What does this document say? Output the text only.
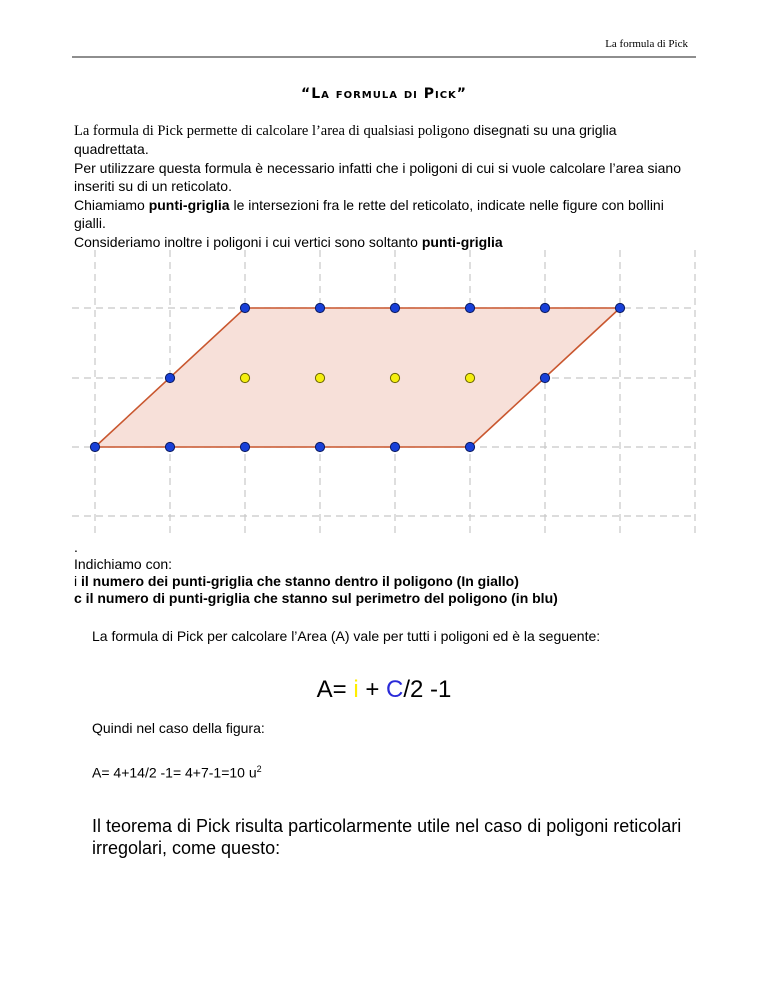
La formula di Pick
“La formula di Pick”

La formula di Pick permette di calcolare l’area di qualsiasi poligono disegnati su una griglia quadrettata.

Per utilizzare questa formula è necessario infatti che i poligoni di cui si vuole calcolare l’area siano inseriti su di un reticolato.

Chiamiamo punti-griglia le intersezioni fra le rette del reticolato, indicate nelle figure con bollini gialli.

Consideriamo inoltre i poligoni i cui vertici sono soltanto punti-griglia

.

Indichiamo con:

i il numero dei punti-griglia che stanno dentro il poligono (In giallo)

c il numero di punti-griglia che stanno sul perimetro del poligono (in blu)

La formula di Pick per calcolare l’Area (A) vale per tutti i poligoni ed è la seguente:
A= i + C/2 -1
Quindi nel caso della figura:
A= 4+14/2 -1= 4+7-1=10 $u^2$
Il teorema di Pick risulta particolarmente utile nel caso di poligoni reticolari irregolari, come questo:
